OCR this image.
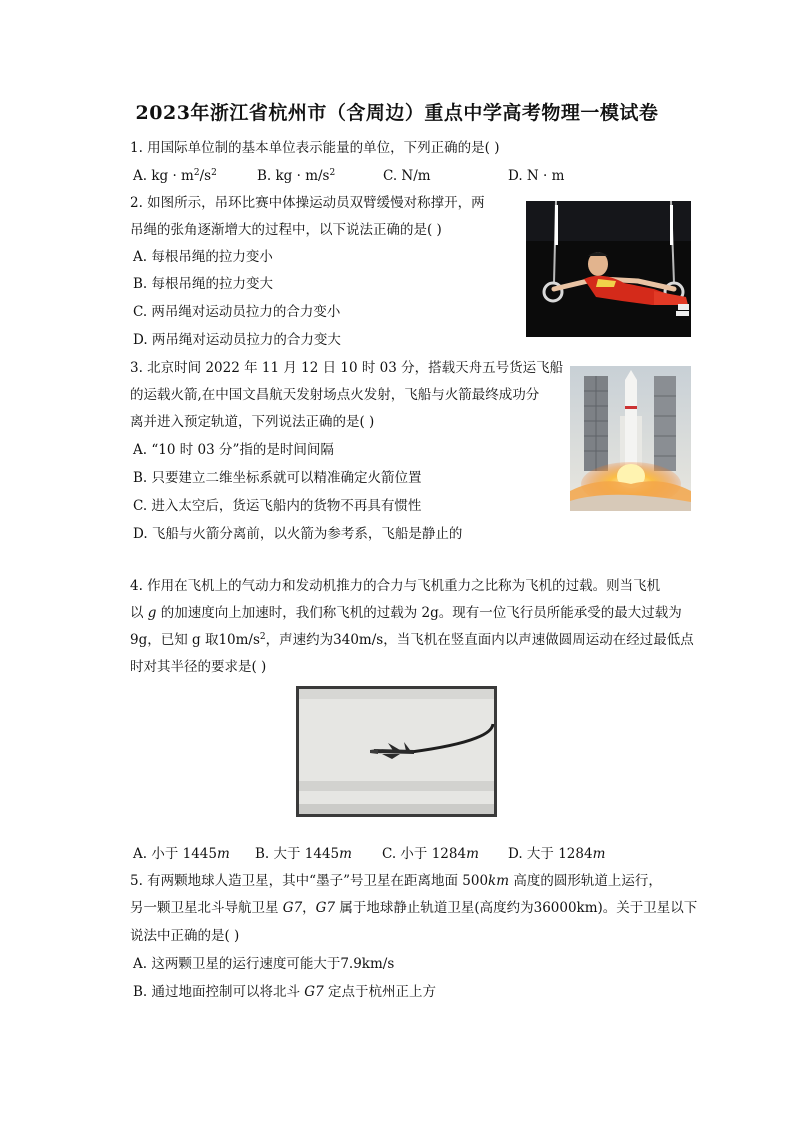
2023年浙江省杭州市（含周边）重点中学高考物理一模试卷
1. 用国际单位制的基本单位表示能量的单位，下列正确的是( )
A. kg · $m^2/s^2$	B. kg · $m/s^2$	C. N/m	D. N · m
2. 如图所示，吊环比赛中体操运动员双臂缓慢对称撑开，两
吊绳的张角逐渐增大的过程中，以下说法正确的是( )
A. 每根吊绳的拉力变小
B. 每根吊绳的拉力变大
C. 两吊绳对运动员拉力的合力变小
D. 两吊绳对运动员拉力的合力变大
3. 北京时间 2022 年 11 月 12 日 10 时 03 分，搭载天舟五号货运飞船
的运载火箭,在中国文昌航天发射场点火发射，飞船与火箭最终成功分
离并进入预定轨道，下列说法正确的是( )
A. “10 时 03 分”指的是时间间隔
B. 只要建立二维坐标系就可以精准确定火箭位置
C. 进入太空后，货运飞船内的货物不再具有惯性
D. 飞船与火箭分离前，以火箭为参考系，飞船是静止的
4. 作用在飞机上的气动力和发动机推力的合力与飞机重力之比称为飞机的过载。则当飞机
以 g 的加速度向上加速时，我们称飞机的过载为 2g。现有一位飞行员所能承受的最大过载为
9g，已知 g 取$10m/s^2$，声速约为340m/s，当飞机在竖直面内以声速做圆周运动在经过最低点
时对其半径的要求是( )
A. 小于 1445m B. 大于 1445m C. 小于 1284m D. 大于 1284m
5. 有两颗地球人造卫星，其中“墨子”号卫星在距离地面 500km 高度的圆形轨道上运行，
另一颗卫星北斗导航卫星 G7，G7 属于地球静止轨道卫星(高度约为36000km)。关于卫星以下
说法中正确的是( )
A. 这两颗卫星的运行速度可能大于7.9km/s
B. 通过地面控制可以将北斗 G7 定点于杭州正上方
